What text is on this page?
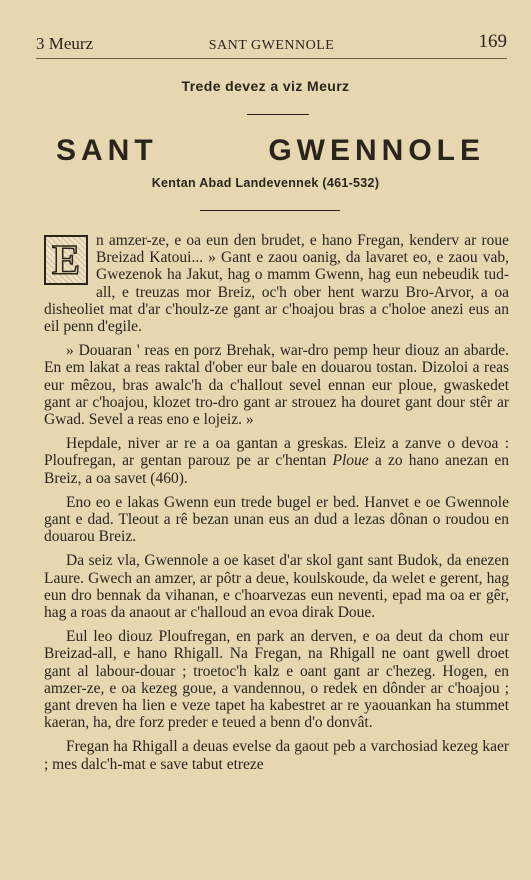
3 Meurz	SANT GWENNOLE	169
Trede devez a viz Meurz
SANT	GWENNOLE
Kentan Abad Landevennek (461-532)

E	n amzer-ze, e oa eun den brudet, e hano Fregan, kenderv ar roue Breizad Katoui... » Gant e zaou oanig, da lavaret eo, e zaou vab, Gwezenok ha Jakut, hag o mamm Gwenn, hag eun nebeudik tud-all, e treuzas mor Breiz, oc'h ober hent warzu Bro-Arvor, a oa disheoliet mat d'ar c'houlz-ze gant ar c'hoajou bras a c'holoe anezi eus an eil penn d'egile.

» Douaran ' reas en porz Brehak, war-dro pemp heur diouz an abarde. En em lakat a reas raktal d'ober eur bale en douarou tostan. Dizoloi a reas eur mêzou, bras awalc'h da c'hallout sevel ennan eur ploue, gwaskedet gant ar c'hoajou, klozet tro-dro gant ar strouez ha douret gant dour stêr ar Gwad. Sevel a reas eno e lojeiz. »

Hepdale, niver ar re a oa gantan a greskas. Eleiz a zanve o devoa : Ploufregan, ar gentan parouz pe ar c'hentan Ploue a zo hano anezan en Breiz, a oa savet (460).

Eno eo e lakas Gwenn eun trede bugel er bed. Hanvet e oe Gwennole gant e dad. Tleout a rê bezan unan eus an dud a lezas dônan o roudou en douarou Breiz.

Da seiz vla, Gwennole a oe kaset d'ar skol gant sant Budok, da enezen Laure. Gwech an amzer, ar pôtr a deue, koulskoude, da welet e gerent, hag eun dro bennak da vihanan, e c'hoarvezas eun neventi, epad ma oa er gêr, hag a roas da anaout ar c'halloud an evoa dirak Doue.

Eul leo diouz Ploufregan, en park an derven, e oa deut da chom eur Breizad-all, e hano Rhigall. Na Fregan, na Rhigall ne oant gwell droet gant al labour-douar ; troetoc'h kalz e oant gant ar c'hezeg. Hogen, en amzer-ze, e oa kezeg goue, a vandennou, o redek en dônder ar c'hoajou ; gant dreven ha lien e veze tapet ha kabestret ar re yaouankan ha stummet kaeran, ha, dre forz preder e teued a benn d'o donvât.

Fregan ha Rhigall a deuas evelse da gaout peb a varchosiad kezeg kaer ; mes dalc'h-mat e save tabut etreze
